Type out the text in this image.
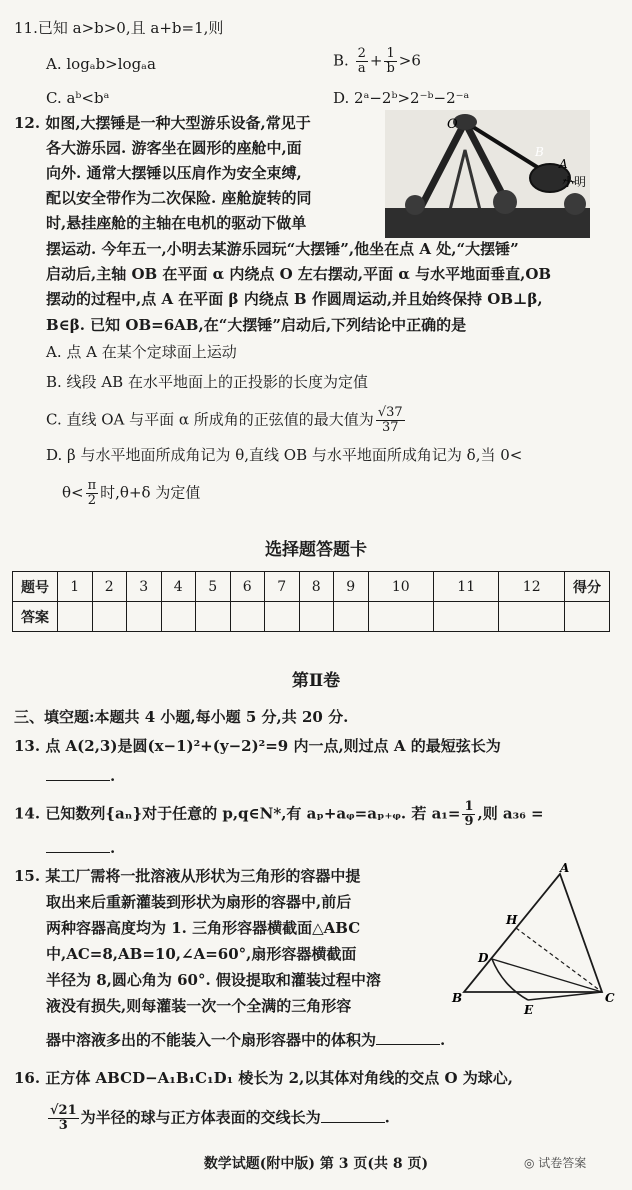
11.已知 a>b>0,且 a+b=1,则
A. logₐb>logₐa	B. $\frac{2}{a} + \frac{1}{b} >6$
C. aᵇ<bᵃ	D. 2ᵃ−2ᵇ>2⁻ᵇ−2⁻ᵃ
12. 如图,大摆锤是一种大型游乐设备,常见于
各大游乐园. 游客坐在圆形的座舱中,面
向外. 通常大摆锤以压肩作为安全束缚,
配以安全带作为二次保险. 座舱旋转的同
时,悬挂座舱的主轴在电机的驱动下做单
摆运动. 今年五一,小明去某游乐园玩“大摆锤”,他坐在点 A 处,“大摆锤”
启动后,主轴 OB 在平面 α 内绕点 O 左右摆动,平面 α 与水平地面垂直,OB
摆动的过程中,点 A 在平面 β 内绕点 B 作圆周运动,并且始终保持 OB⊥β,
B∈β. 已知 OB=6AB,在“大摆锤”启动后,下列结论中正确的是
O
B
A
小明
A. 点 A 在某个定球面上运动
B. 线段 AB 在水平地面上的正投影的长度为定值
C. 直线 OA 与平面 α 所成角的正弦值的最大值为 $\frac{√37}{37}$
D. β 与水平地面所成角记为 θ,直线 OB 与水平地面所成角记为 δ,当 0<
$\theta< \frac{\pi}{2}$ 时,θ+δ 为定值
选择题答题卡
题号	1	2	3	4	5	6	7	8	9	10	11	12	得分
答案													
第Ⅱ卷
三、填空题:本题共 4 小题,每小题 5 分,共 20 分.
13. 点 A(2,3)是圆(x−1)²+(y−2)²=9 内一点,则过点 A 的最短弦长为
.
14. 已知数列{aₙ}对于任意的 p,q∈N*,有 aₚ+aᵩ=aₚ₊ᵩ. 若 $a_1= \frac{1}{9}$ ,则 a₃₆ =
.
15. 某工厂需将一批溶液从形状为三角形的容器中提
取出来后重新灌装到形状为扇形的容器中,前后
两种容器高度均为 1. 三角形容器横截面△ABC
中,AC=8,AB=10,∠A=60°,扇形容器横截面
半径为 8,圆心角为 60°. 假设提取和灌装过程中溶
液没有损失,则每灌装一次一个全满的三角形容
器中溶液多出的不能装入一个扇形容器中的体积为	.
A
H
D
B
E
C
16. 正方体 ABCD−A₁B₁C₁D₁ 棱长为 2,以其体对角线的交点 O 为球心,
$\frac{√21}{3}$ 为半径的球与正方体表面的交线长为	.
数学试题(附中版) 第 3 页(共 8 页)	◎ 试卷答案
